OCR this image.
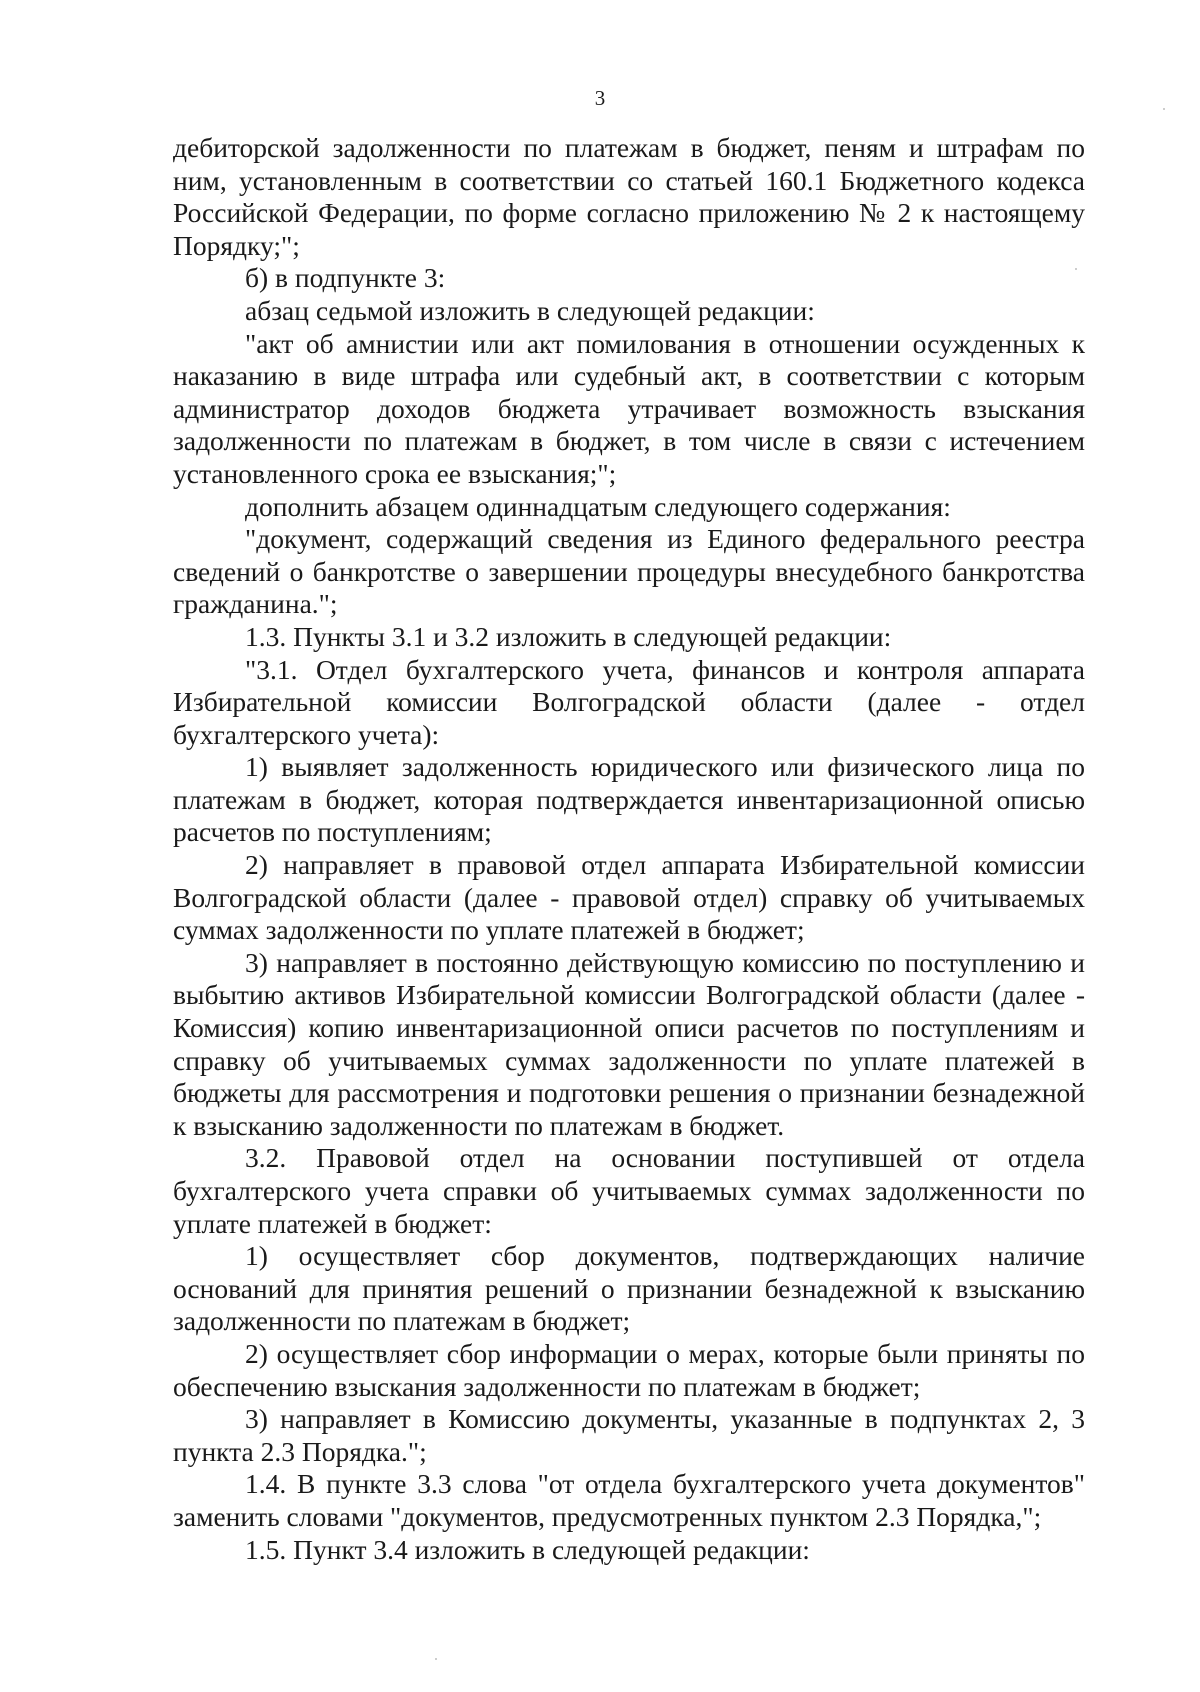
3

дебиторской задолженности по платежам в бюджет, пеням и штрафам по ним, установленным в соответствии со статьей 160.1 Бюджетного кодекса Российской Федерации, по форме согласно приложению № 2 к настоящему Порядку;";

б) в подпункте 3:

абзац седьмой изложить в следующей редакции:

"акт об амнистии или акт помилования в отношении осужденных к наказанию в виде штрафа или судебный акт, в соответствии с которым администратор доходов бюджета утрачивает возможность взыскания задолженности по платежам в бюджет, в том числе в связи с истечением установленного срока ее взыскания;";

дополнить абзацем одиннадцатым следующего содержания:

"документ, содержащий сведения из Единого федерального реестра сведений о банкротстве о завершении процедуры внесудебного банкротства гражданина.";

1.3. Пункты 3.1 и 3.2 изложить в следующей редакции:

"3.1. Отдел бухгалтерского учета, финансов и контроля аппарата Избирательной комиссии Волгоградской области (далее - отдел бухгалтерского учета):

1) выявляет задолженность юридического или физического лица по платежам в бюджет, которая подтверждается инвентаризационной описью расчетов по поступлениям;

2) направляет в правовой отдел аппарата Избирательной комиссии Волгоградской области (далее - правовой отдел) справку об учитываемых суммах задолженности по уплате платежей в бюджет;

3) направляет в постоянно действующую комиссию по поступлению и выбытию активов Избирательной комиссии Волгоградской области (далее - Комиссия) копию инвентаризационной описи расчетов по поступлениям и справку об учитываемых суммах задолженности по уплате платежей в бюджеты для рассмотрения и подготовки решения о признании безнадежной к взысканию задолженности по платежам в бюджет.

3.2. Правовой отдел на основании поступившей от отдела бухгалтерского учета справки об учитываемых суммах задолженности по уплате платежей в бюджет:

1) осуществляет сбор документов, подтверждающих наличие оснований для принятия решений о признании безнадежной к взысканию задолженности по платежам в бюджет;

2) осуществляет сбор информации о мерах, которые были приняты по обеспечению взыскания задолженности по платежам в бюджет;

3) направляет в Комиссию документы, указанные в подпунктах 2, 3 пункта 2.3 Порядка.";

1.4. В пункте 3.3 слова "от отдела бухгалтерского учета документов" заменить словами "документов, предусмотренных пунктом 2.3 Порядка,";

1.5. Пункт 3.4 изложить в следующей редакции:
